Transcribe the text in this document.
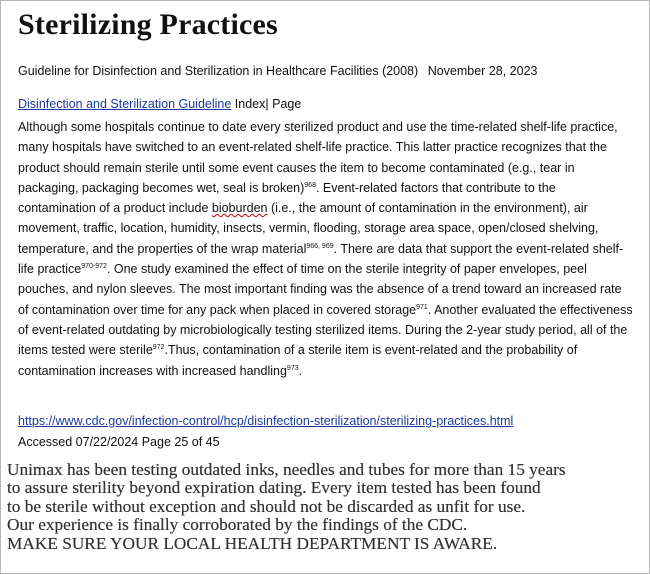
Sterilizing Practices
Guideline for Disinfection and Sterilization in Healthcare Facilities (2008) November 28, 2023
Disinfection and Sterilization Guideline Index| Page
Although some hospitals continue to date every sterilized product and use the time-related shelf-life practice, many hospitals have switched to an event-related shelf-life practice. This latter practice recognizes that the product should remain sterile until some event causes the item to become contaminated (e.g., tear in packaging, packaging becomes wet, seal is broken)$^{968}$. Event-related factors that contribute to the contamination of a product include bioburden (i.e., the amount of contamination in the environment), air movement, traffic, location, humidity, insects, vermin, flooding, storage area space, open/closed shelving, temperature, and the properties of the wrap material$^{966, 969}$. There are data that support the event-related shelf-life practice$^{970-972}$. One study examined the effect of time on the sterile integrity of paper envelopes, peel pouches, and nylon sleeves. The most important finding was the absence of a trend toward an increased rate of contamination over time for any pack when placed in covered storage$^{971}$. Another evaluated the effectiveness of event-related outdating by microbiologically testing sterilized items. During the 2-year study period, all of the items tested were sterile$^{972}$.Thus, contamination of a sterile item is event-related and the probability of contamination increases with increased handling$^{973}$.
https://www.cdc.gov/infection-control/hcp/disinfection-sterilization/sterilizing-practices.html
Accessed 07/22/2024 Page 25 of 45
Unimax has been testing outdated inks, needles and tubes for more than 15 years
to assure sterility beyond expiration dating. Every item tested has been found
to be sterile without exception and should not be discarded as unfit for use.
Our experience is finally corroborated by the findings of the CDC.
MAKE SURE YOUR LOCAL HEALTH DEPARTMENT IS AWARE.
